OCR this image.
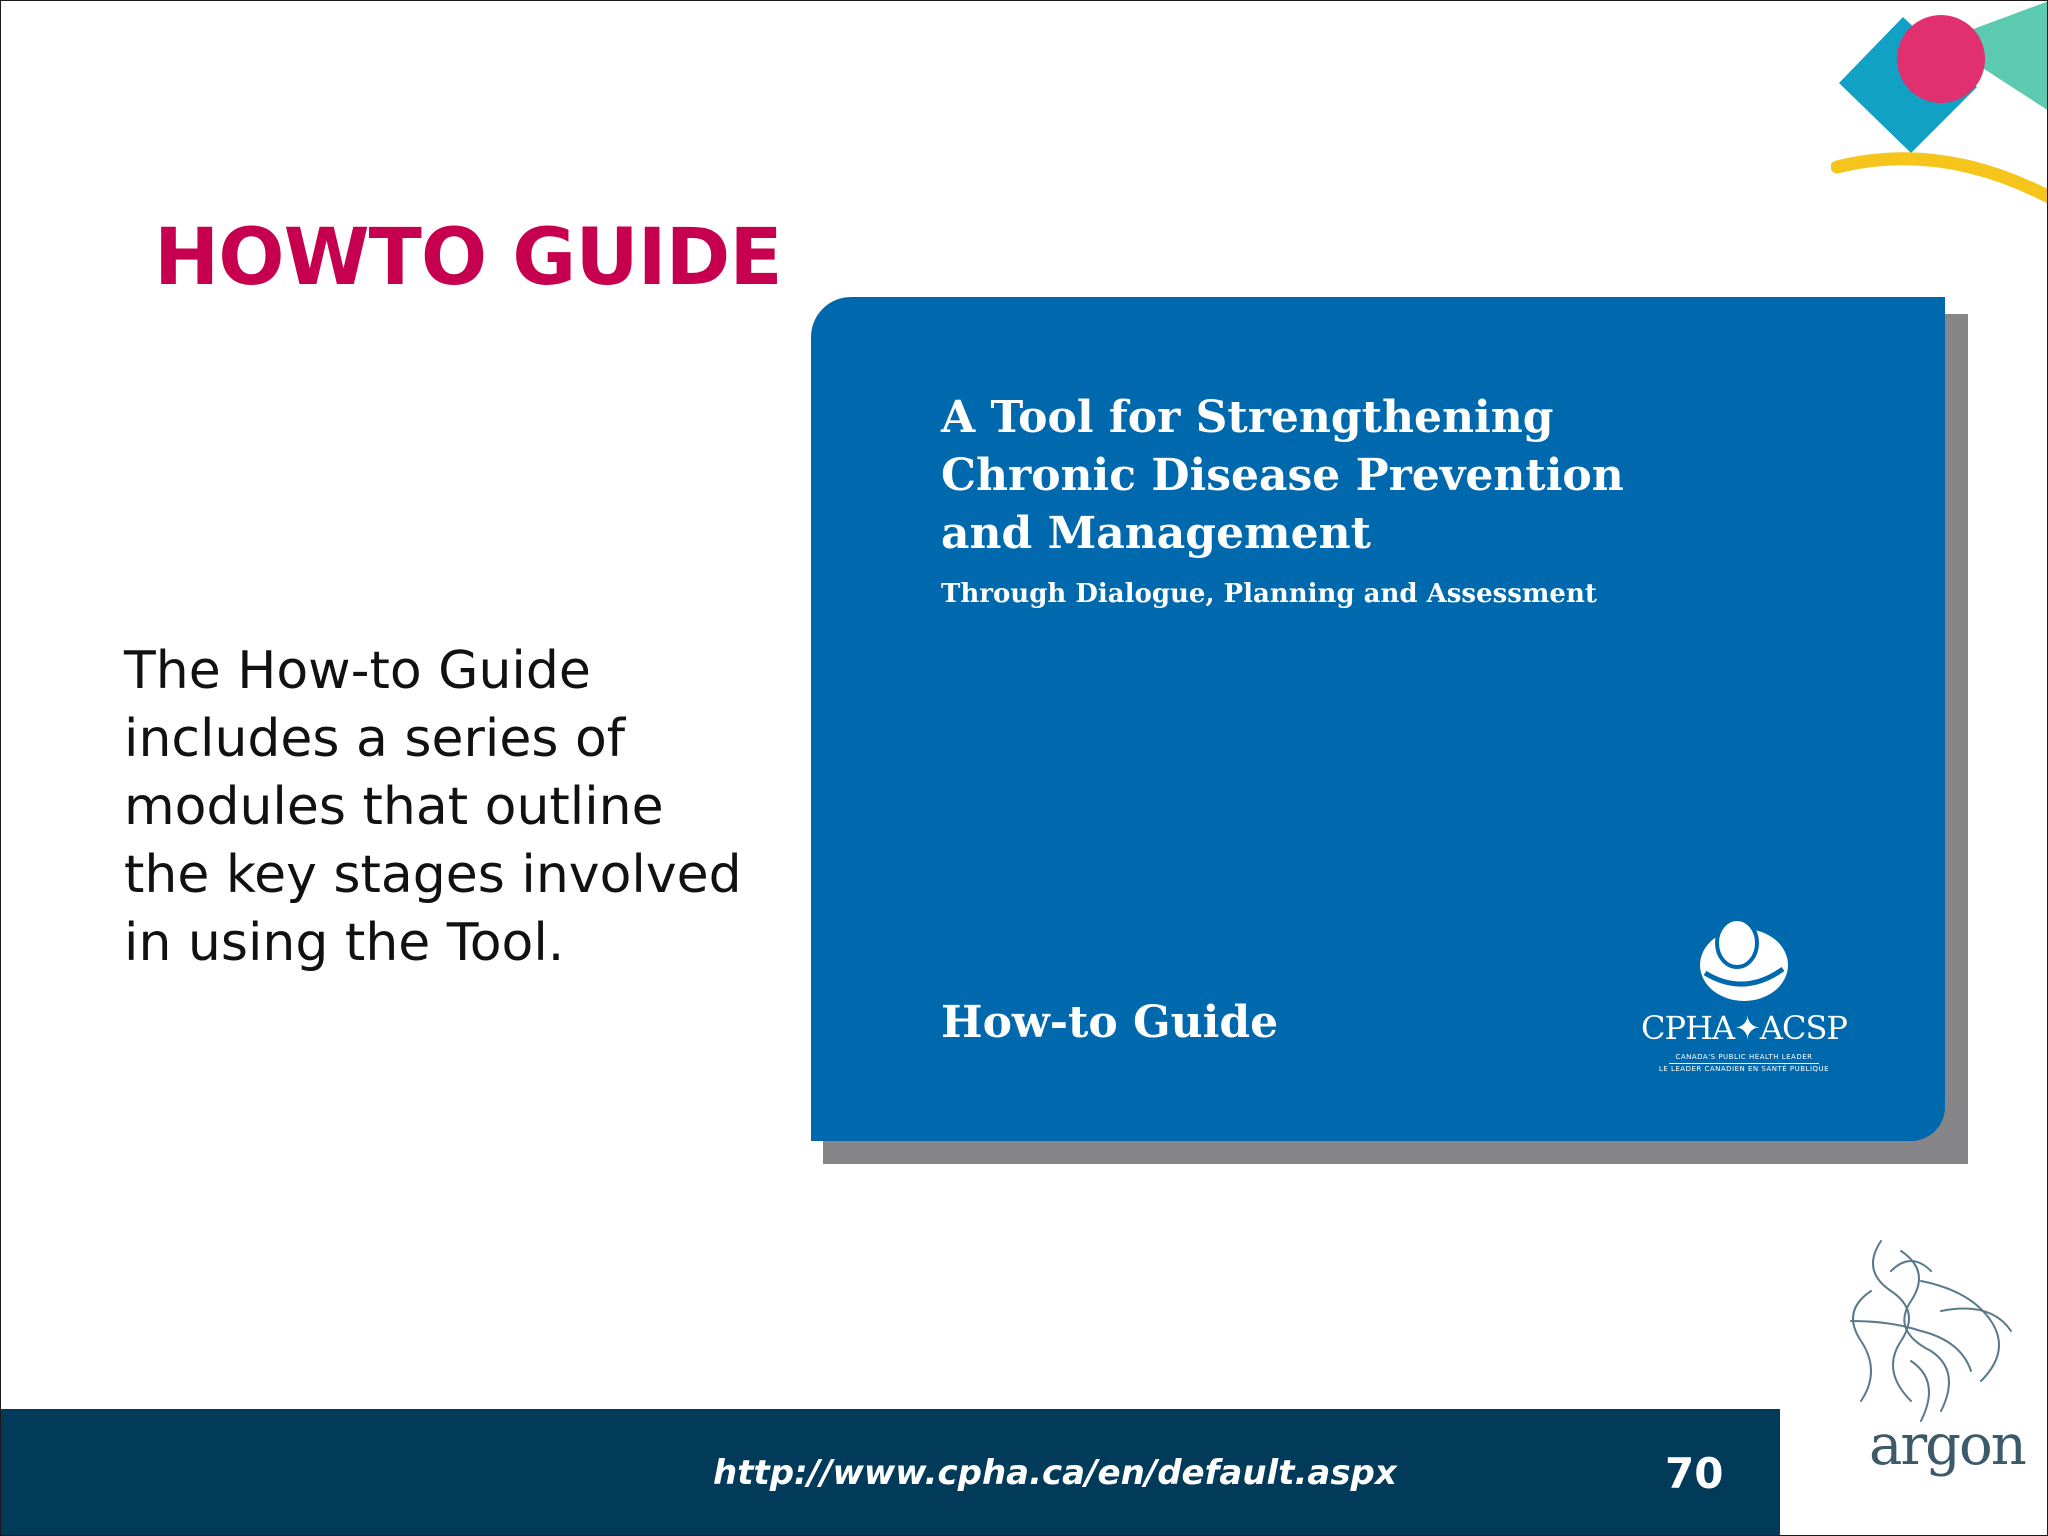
HOWTO GUIDE

The How-to Guide includes a series of modules that outline the key stages involved in using the Tool.

A Tool for Strengthening
Chronic Disease Prevention
and Management

Through Dialogue, Planning and Assessment

How-to Guide	CPHA✦ACSP
CANADA'S PUBLIC HEALTH LEADER
LE LEADER CANADIEN EN SANTÉ PUBLIQUE

http://www.cpha.ca/en/default.aspx	70	argon
